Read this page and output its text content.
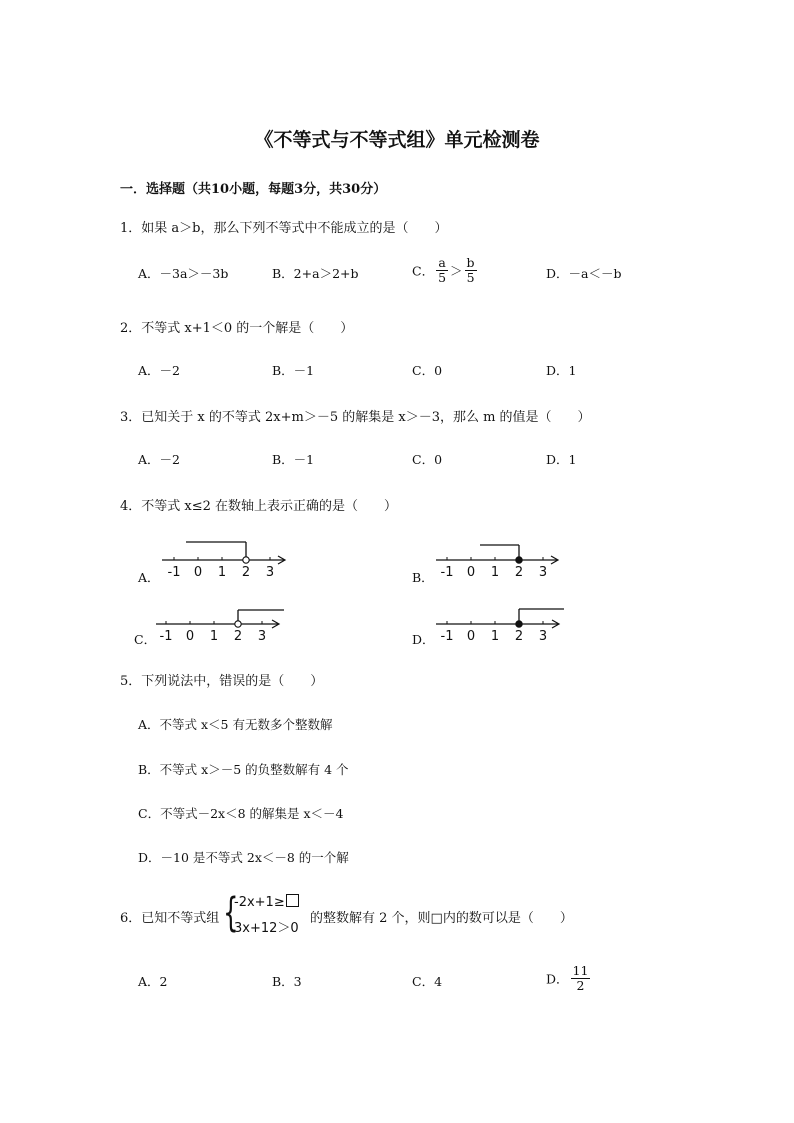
《不等式与不等式组》单元检测卷
一．选择题（共10小题，每题3分，共30分）
1．如果 a＞b，那么下列不等式中不能成立的是（　　）
A．－3a＞－3b	B．2+a＞2+b	C． $\frac{a}{5} > \frac{b}{5}$	D．－a＜－b
2．不等式 x+1＜0 的一个解是（　　）
A．－2	B．－1	C．0	D．1
3．已知关于 x 的不等式 2x+m＞－5 的解集是 x＞－3，那么 m 的值是（　　）
A．－2	B．－1	C．0	D．1
4．不等式 x≤2 在数轴上表示正确的是（　　）
A． -1 0 1 2 3	B． -1 0 1 2 3
C． -1 0 1 2 3	D． -1 0 1 2 3
5．下列说法中，错误的是（　　）
A．不等式 x＜5 有无数多个整数解
B．不等式 x＞－5 的负整数解有 4 个
C．不等式－2x＜8 的解集是 x＜－4
D．－10 是不等式 2x＜－8 的一个解
6．已知不等式组 {
-2x+1≥
3x+12＞0
的整数解有 2 个，则□内的数可以是（　　）
A．2	B．3	C．4	D． $\frac{11}{2}$
